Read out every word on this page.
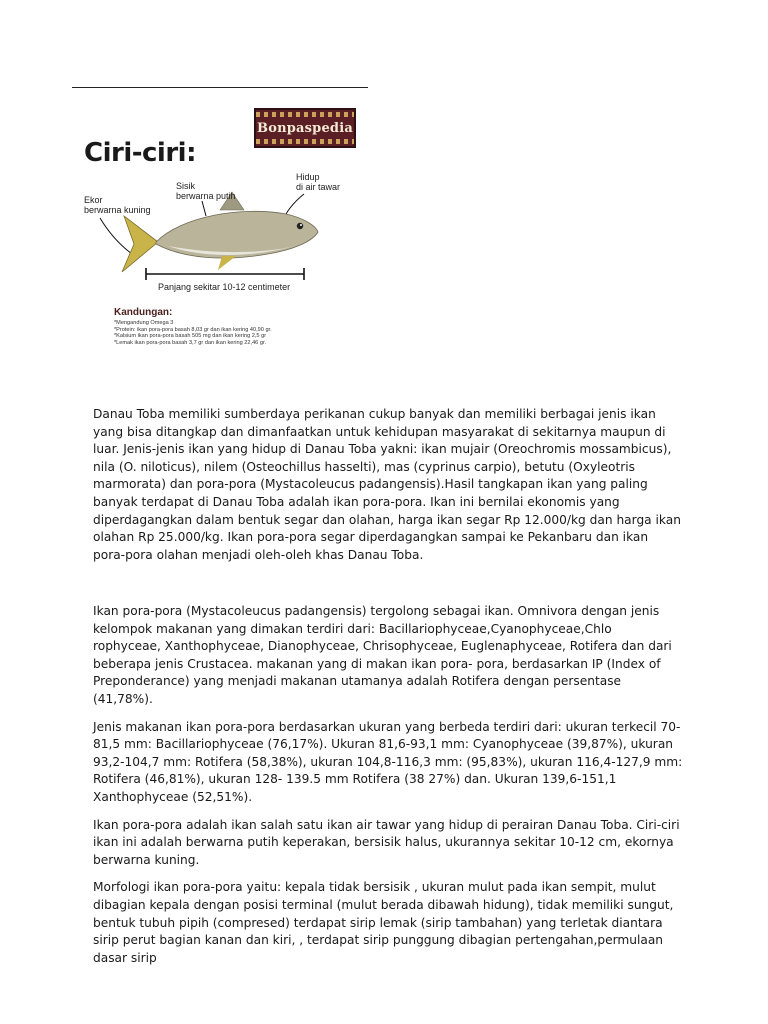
Ciri-ciri:
Bonpaspedia
Ekor
berwarna kuning
Sisik
berwarna putih
Hidup
di air tawar
Panjang sekitar 10-12 centimeter
Kandungan:
*Mengandung Omega 3
*Protein: ikan pora-pora basah 8,03 gr dan ikan kering 40,90 gr.
*Kalsium ikan pora-pora basah 505 mg dan ikan kering 2,5 gr
*Lemak ikan pora-pora basah 3,7 gr dan ikan kering 22,46 gr.

Danau Toba memiliki sumberdaya perikanan cukup banyak dan memiliki berbagai jenis ikan yang bisa ditangkap dan dimanfaatkan untuk kehidupan masyarakat di sekitarnya maupun di luar. Jenis-jenis ikan yang hidup di Danau Toba yakni: ikan mujair (Oreochromis mossambicus), nila (O. niloticus), nilem (Osteochillus hasselti), mas (cyprinus carpio), betutu (Oxyleotris marmorata) dan pora-pora (Mystacoleucus padangensis).Hasil tangkapan ikan yang paling banyak terdapat di Danau Toba adalah ikan pora-pora. Ikan ini bernilai ekonomis yang diperdagangkan dalam bentuk segar dan olahan, harga ikan segar Rp 12.000/kg dan harga ikan olahan Rp 25.000/kg. Ikan pora-pora segar diperdagangkan sampai ke Pekanbaru dan ikan pora-pora olahan menjadi oleh-oleh khas Danau Toba.

Ikan pora-pora (Mystacoleucus padangensis) tergolong sebagai ikan. Omnivora dengan jenis kelompok makanan yang dimakan terdiri dari: Bacillariophyceae,Cyanophyceae,Chlo rophyceae, Xanthophyceae, Dianophyceae, Chrisophyceae, Euglenaphyceae, Rotifera dan dari beberapa jenis Crustacea. makanan yang di makan ikan pora- pora, berdasarkan IP (Index of Preponderance) yang menjadi makanan utamanya adalah Rotifera dengan persentase (41,78%).

Jenis makanan ikan pora-pora berdasarkan ukuran yang berbeda terdiri dari: ukuran terkecil 70-81,5 mm: Bacillariophyceae (76,17%). Ukuran 81,6-93,1 mm: Cyanophyceae (39,87%), ukuran 93,2-104,7 mm: Rotifera (58,38%), ukuran 104,8-116,3 mm: (95,83%), ukuran 116,4-127,9 mm: Rotifera (46,81%), ukuran 128- 139.5 mm Rotifera (38 27%) dan. Ukuran 139,6-151,1 Xanthophyceae (52,51%).

Ikan pora-pora adalah ikan salah satu ikan air tawar yang hidup di perairan Danau Toba. Ciri-ciri ikan ini adalah berwarna putih keperakan, bersisik halus, ukurannya sekitar 10-12 cm, ekornya berwarna kuning.

Morfologi ikan pora-pora yaitu: kepala tidak bersisik , ukuran mulut pada ikan sempit, mulut dibagian kepala dengan posisi terminal (mulut berada dibawah hidung), tidak memiliki sungut, bentuk tubuh pipih (compresed) terdapat sirip lemak (sirip tambahan) yang terletak diantara sirip perut bagian kanan dan kiri, , terdapat sirip punggung dibagian pertengahan,permulaan dasar sirip
